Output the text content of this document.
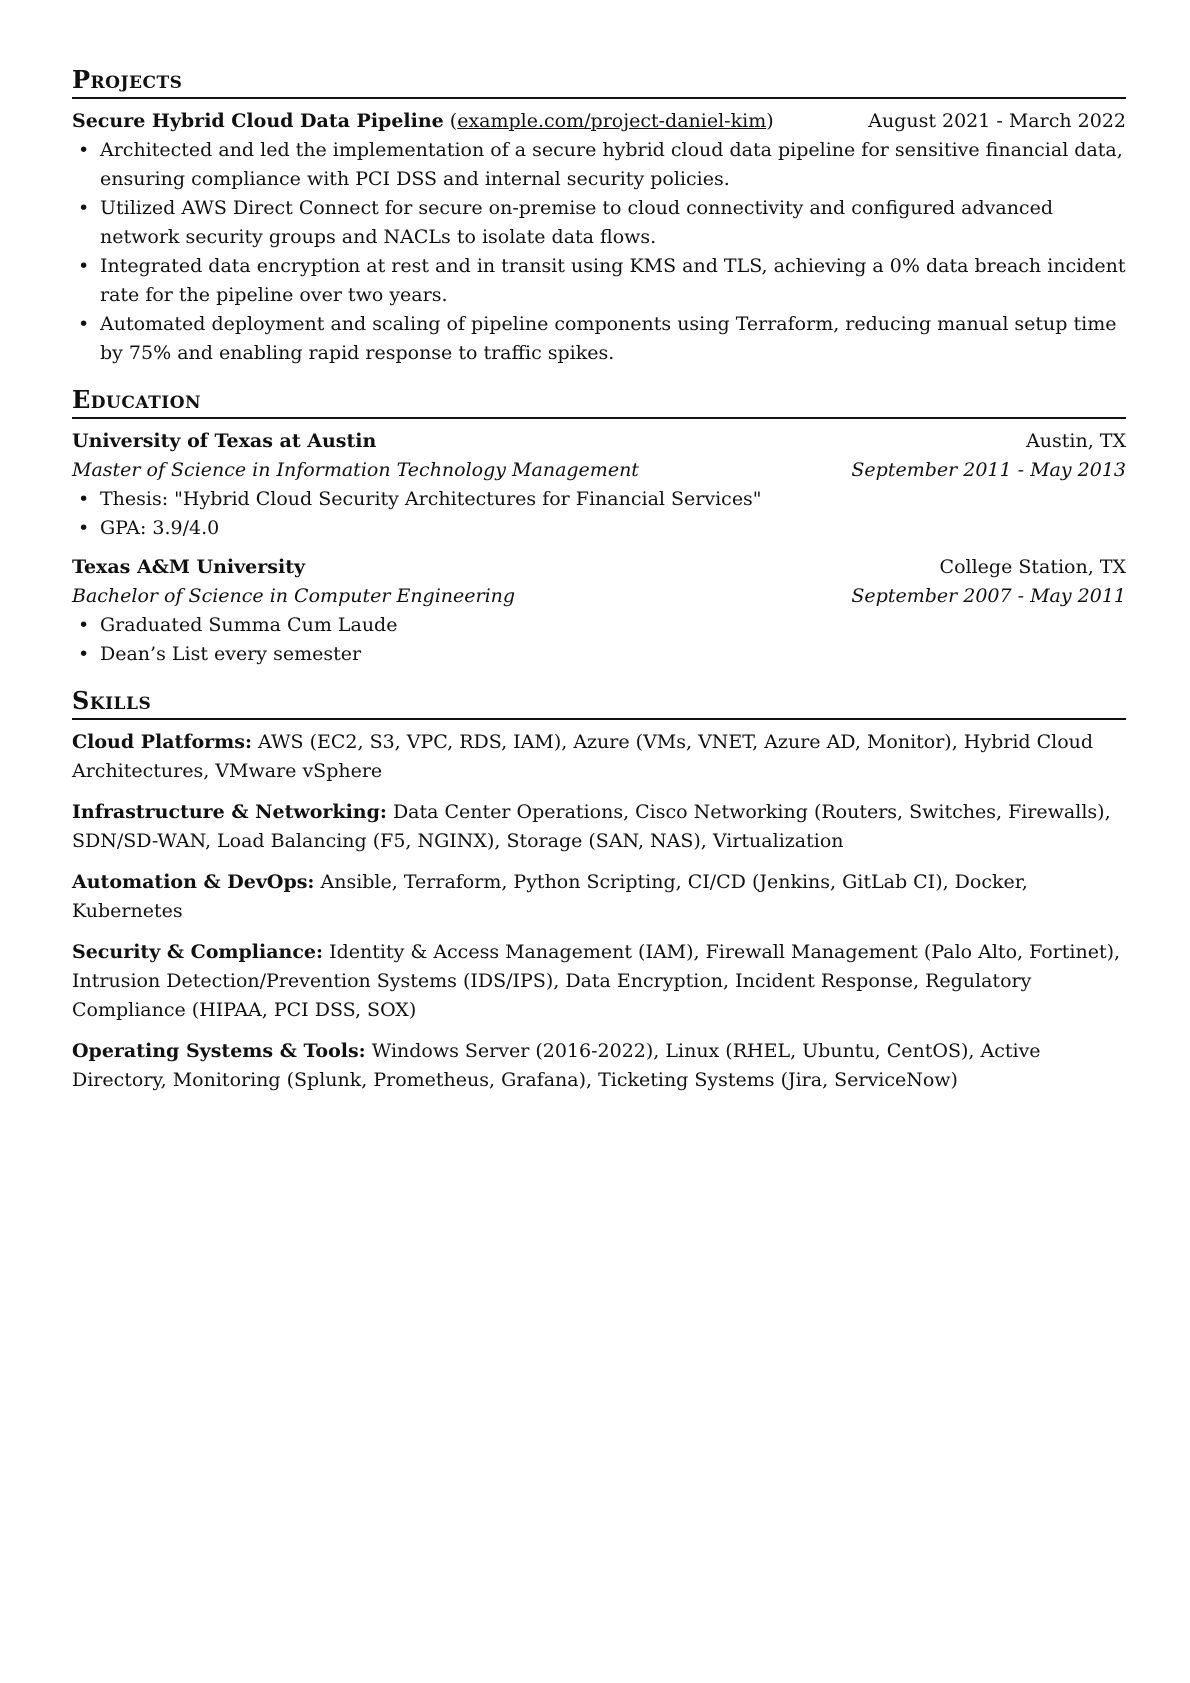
Projects
Secure Hybrid Cloud Data Pipeline (example.com/project-daniel-kim)	August 2021 - March 2022
• Architected and led the implementation of a secure hybrid cloud data pipeline for sensitive financial data, ensuring compliance with PCI DSS and internal security policies.
• Utilized AWS Direct Connect for secure on-premise to cloud connectivity and configured advanced network security groups and NACLs to isolate data flows.
• Integrated data encryption at rest and in transit using KMS and TLS, achieving a 0% data breach incident rate for the pipeline over two years.
• Automated deployment and scaling of pipeline components using Terraform, reducing manual setup time by 75% and enabling rapid response to traffic spikes.
Education
University of Texas at Austin	Austin, TX
Master of Science in Information Technology Management	September 2011 - May 2013
• Thesis: "Hybrid Cloud Security Architectures for Financial Services"
• GPA: 3.9/4.0
Texas A&M University	College Station, TX
Bachelor of Science in Computer Engineering	September 2007 - May 2011
• Graduated Summa Cum Laude
• Dean’s List every semester
Skills
Cloud Platforms: AWS (EC2, S3, VPC, RDS, IAM), Azure (VMs, VNET, Azure AD, Monitor), Hybrid Cloud Architectures, VMware vSphere
Infrastructure & Networking: Data Center Operations, Cisco Networking (Routers, Switches, Firewalls), SDN/SD-WAN, Load Balancing (F5, NGINX), Storage (SAN, NAS), Virtualization
Automation & DevOps: Ansible, Terraform, Python Scripting, CI/CD (Jenkins, GitLab CI), Docker, Kubernetes
Security & Compliance: Identity & Access Management (IAM), Firewall Management (Palo Alto, Fortinet), Intrusion Detection/Prevention Systems (IDS/IPS), Data Encryption, Incident Response, Regulatory Compliance (HIPAA, PCI DSS, SOX)
Operating Systems & Tools: Windows Server (2016-2022), Linux (RHEL, Ubuntu, CentOS), Active Directory, Monitoring (Splunk, Prometheus, Grafana), Ticketing Systems (Jira, ServiceNow)
